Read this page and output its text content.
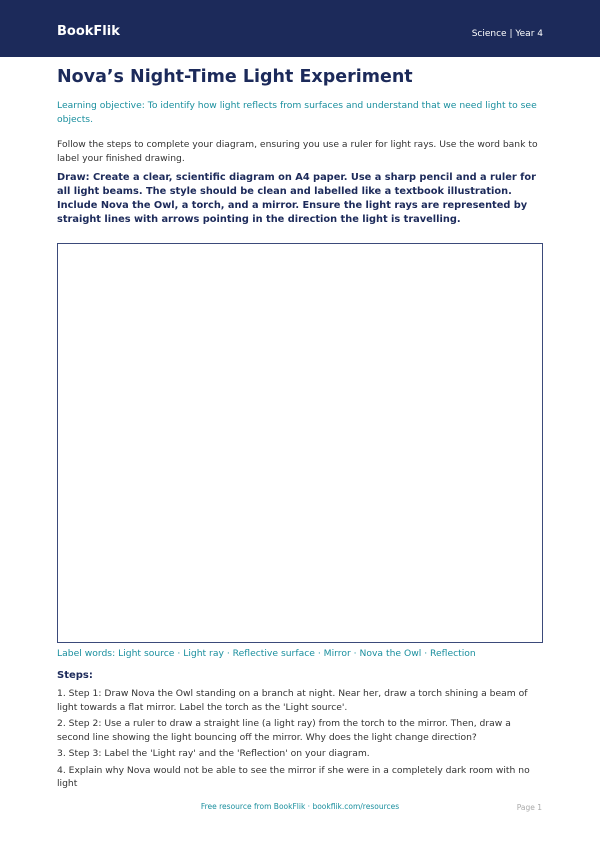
BookFlik	Science | Year 4
Nova’s Night-Time Light Experiment

Learning objective: To identify how light reflects from surfaces and understand that we need light to see objects.

Follow the steps to complete your diagram, ensuring you use a ruler for light rays. Use the word bank to label your finished drawing.

Draw: Create a clear, scientific diagram on A4 paper. Use a sharp pencil and a ruler for all light beams. The style should be clean and labelled like a textbook illustration. Include Nova the Owl, a torch, and a mirror. Ensure the light rays are represented by straight lines with arrows pointing in the direction the light is travelling.

Label words: Light source · Light ray · Reflective surface · Mirror · Nova the Owl · Reflection

Steps:
1. Step 1: Draw Nova the Owl standing on a branch at night. Near her, draw a torch shining a beam of light towards a flat mirror. Label the torch as the 'Light source'.
2. Step 2: Use a ruler to draw a straight line (a light ray) from the torch to the mirror. Then, draw a second line showing the light bouncing off the mirror. Why does the light change direction?
3. Step 3: Label the 'Light ray' and the 'Reflection' on your diagram.
4. Explain why Nova would not be able to see the mirror if she were in a completely dark room with no light
Free resource from BookFlik · bookflik.com/resources	Page 1
